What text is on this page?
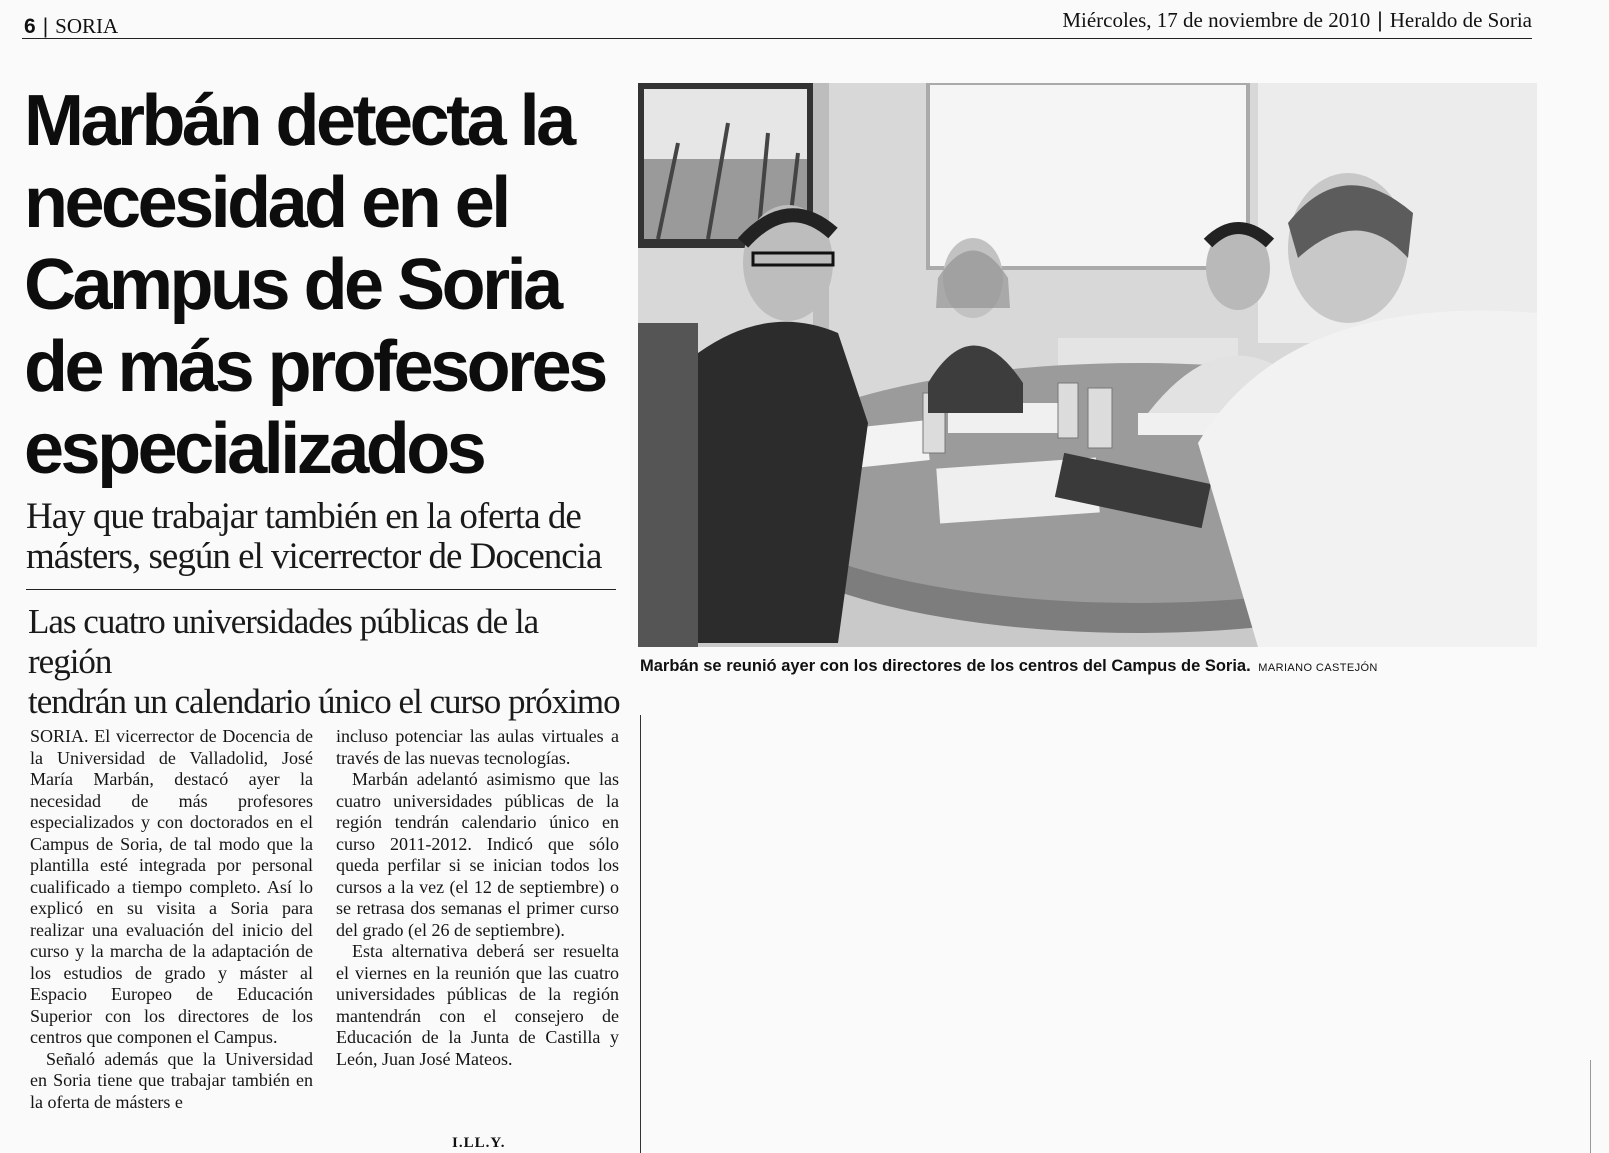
6 | SORIA	Miércoles, 17 de noviembre de 2010 | Heraldo de Soria
Marbán detecta la
necesidad en el
Campus de Soria
de más profesores
especializados
Hay que trabajar también en la oferta de
másters, según el vicerrector de Docencia
Las cuatro universidades públicas de la región
tendrán un calendario único el curso próximo
Marbán se reunió ayer con los directores de los centros del Campus de Soria. MARIANO CASTEJÓN

SORIA. El vicerrector de Docencia de la Universidad de Valladolid, José María Marbán, destacó ayer la necesidad de más profesores especializados y con doctorados en el Campus de Soria, de tal modo que la plantilla esté integrada por personal cualificado a tiempo completo. Así lo explicó en su visita a Soria para realizar una evaluación del inicio del curso y la marcha de la adaptación de los estudios de grado y máster al Espacio Europeo de Educación Superior con los directores de los centros que componen el Campus.

Señaló además que la Universidad en Soria tiene que trabajar también en la oferta de másters e

incluso potenciar las aulas virtuales a través de las nuevas tecnologías.

Marbán adelantó asimismo que las cuatro universidades públicas de la región tendrán calendario único en curso 2011-2012. Indicó que sólo queda perfilar si se inician todos los cursos a la vez (el 12 de septiembre) o se retrasa dos semanas el primer curso del grado (el 26 de septiembre).

Esta alternativa deberá ser resuelta el viernes en la reunión que las cuatro universidades públicas de la región mantendrán con el consejero de Educación de la Junta de Castilla y León, Juan José Mateos.

I.LL.Y.
